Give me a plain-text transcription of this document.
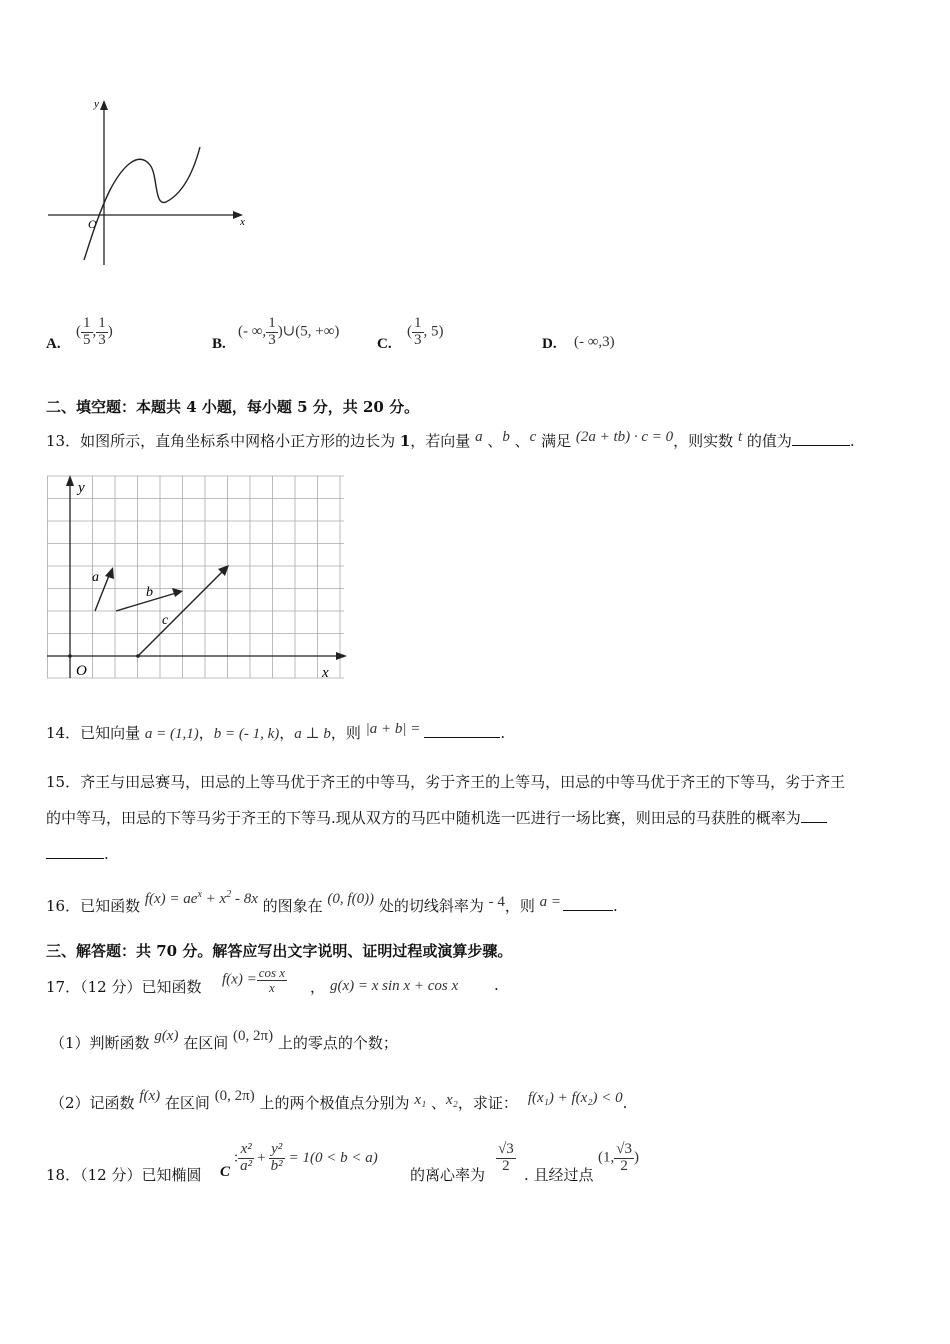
x
y
O
A.
( $\frac{1}{5}$ , $\frac{1}{3}$ )
B.
(- ∞, $\frac{1}{3}$ )∪(5, +∞)
C.
( $\frac{1}{3}$ , 5)
D. (- ∞,3)
二、填空题：本题共 4 小题，每小题 5 分，共 20 分。
13．如图所示，直角坐标系中网格小正方形的边长为 1，若向量 a 、b 、c 满足 (2a + tb) · c = 0，则实数 t 的值为	.
y
x
O
a
b
c
14．已知向量 a = (1,1)，b = (- 1, k)，a ⊥ b，则 |a + b| =	.
15．齐王与田忌赛马，田忌的上等马优于齐王的中等马，劣于齐王的上等马，田忌的中等马优于齐王的下等马，劣于齐王
的中等马，田忌的下等马劣于齐王的下等马.现从双方的马匹中随机选一匹进行一场比赛，则田忌的马获胜的概率为
.
16．已知函数 $f(x) = ae^x + x^2 - 8x$ 的图象在 (0, f(0)) 处的切线斜率为 - 4，则 a =	.
三、解答题：共 70 分。解答应写出文字说明、证明过程或演算步骤。
17．（12 分）已知函数 $f(x) = \frac{\text{cos x}}{x}$ ， g(x) = x sin x + cos x .
（1）判断函数 g(x) 在区间 (0, 2π) 上的零点的个数；
（2）记函数 f(x) 在区间 (0, 2π) 上的两个极值点分别为 x₁ 、x₂，求证： f(x₁) + f(x₂) < 0.
18．（12 分）已知椭圆 C
: $\frac{\text{x²}}{\text{a²}} + \frac{\text{y²}}{\text{b²}} = 1(0 < b < a)$
的离心率为
$\frac{√3}{2}$
. 且经过点
(1, $\frac{√3}{2}$ )
